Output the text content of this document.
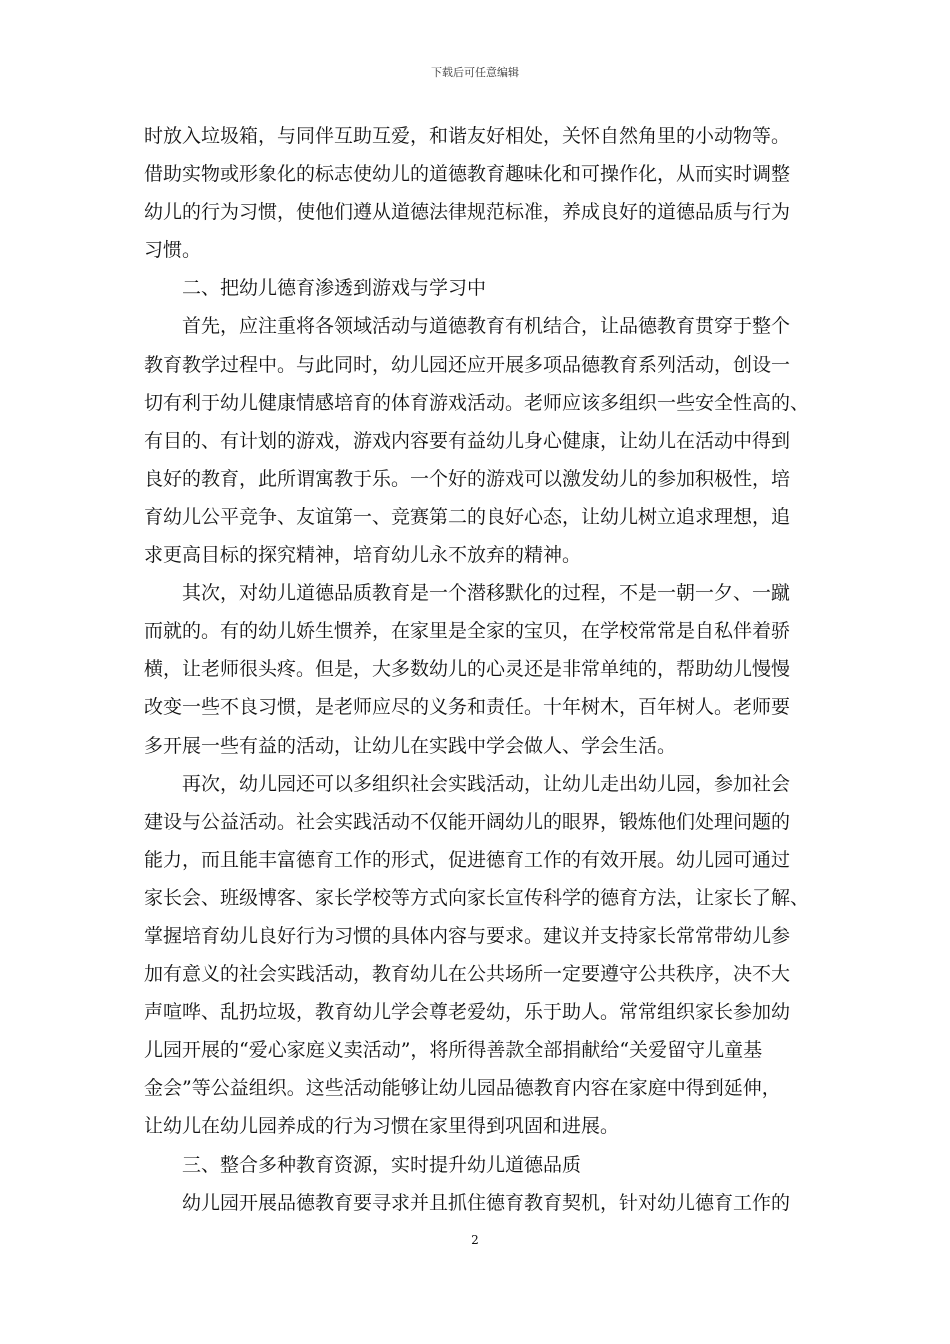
下载后可任意编辑
时放入垃圾箱，与同伴互助互爱，和谐友好相处，关怀自然角里的小动物等。
借助实物或形象化的标志使幼儿的道德教育趣味化和可操作化，从而实时调整
幼儿的行为习惯，使他们遵从道德法律规范标准，养成良好的道德品质与行为
习惯。
二、把幼儿德育渗透到游戏与学习中
首先，应注重将各领域活动与道德教育有机结合，让品德教育贯穿于整个
教育教学过程中。与此同时，幼儿园还应开展多项品德教育系列活动，创设一
切有利于幼儿健康情感培育的体育游戏活动。老师应该多组织一些安全性高的、
有目的、有计划的游戏，游戏内容要有益幼儿身心健康，让幼儿在活动中得到
良好的教育，此所谓寓教于乐。一个好的游戏可以激发幼儿的参加积极性，培
育幼儿公平竞争、友谊第一、竞赛第二的良好心态，让幼儿树立追求理想，追
求更高目标的探究精神，培育幼儿永不放弃的精神。
其次，对幼儿道德品质教育是一个潜移默化的过程，不是一朝一夕、一蹴
而就的。有的幼儿娇生惯养，在家里是全家的宝贝，在学校常常是自私伴着骄
横，让老师很头疼。但是，大多数幼儿的心灵还是非常单纯的，帮助幼儿慢慢
改变一些不良习惯，是老师应尽的义务和责任。十年树木，百年树人。老师要
多开展一些有益的活动，让幼儿在实践中学会做人、学会生活。
再次，幼儿园还可以多组织社会实践活动，让幼儿走出幼儿园，参加社会
建设与公益活动。社会实践活动不仅能开阔幼儿的眼界，锻炼他们处理问题的
能力，而且能丰富德育工作的形式，促进德育工作的有效开展。幼儿园可通过
家长会、班级博客、家长学校等方式向家长宣传科学的德育方法，让家长了解、
掌握培育幼儿良好行为习惯的具体内容与要求。建议并支持家长常常带幼儿参
加有意义的社会实践活动，教育幼儿在公共场所一定要遵守公共秩序，决不大
声喧哗、乱扔垃圾，教育幼儿学会尊老爱幼，乐于助人。常常组织家长参加幼
儿园开展的“爱心家庭义卖活动”，将所得善款全部捐献给“关爱留守儿童基
金会”等公益组织。这些活动能够让幼儿园品德教育内容在家庭中得到延伸，
让幼儿在幼儿园养成的行为习惯在家里得到巩固和进展。
三、整合多种教育资源，实时提升幼儿道德品质
幼儿园开展品德教育要寻求并且抓住德育教育契机，针对幼儿德育工作的
2
